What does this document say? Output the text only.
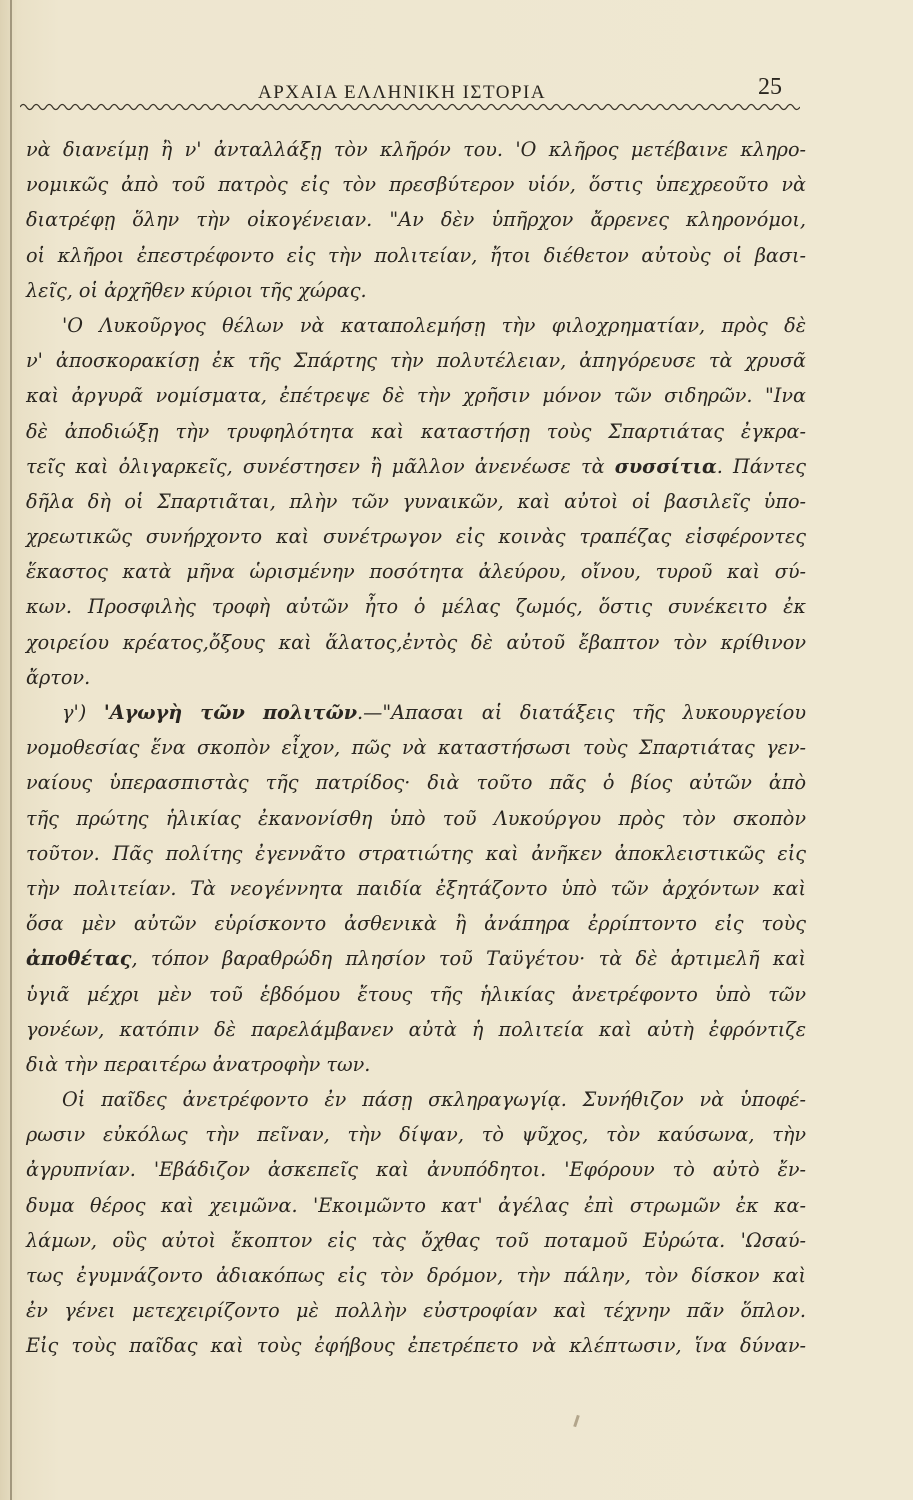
ΑΡΧΑΙΑ ΕΛΛΗΝΙΚΗ ΙΣΤΟΡΙΑ	25
νὰ διανείμῃ ἢ ν' ἀνταλλάξῃ τὸν κλῆρόν του. 'Ο κλῆρος μετέβαινε κληρο-
νομικῶς ἀπὸ τοῦ πατρὸς εἰς τὸν πρεσβύτερον υἱόν, ὅστις ὑπεχρεοῦτο νὰ
διατρέφῃ ὅλην τὴν οἰκογένειαν. "Αν δὲν ὑπῆρχον ἄρρενες κληρονόμοι,
οἱ κλῆροι ἐπεστρέφοντο εἰς τὴν πολιτείαν, ἤτοι διέθετον αὐτοὺς οἱ βασι-
λεῖς, οἱ ἀρχῆθεν κύριοι τῆς χώρας.
'Ο Λυκοῦργος θέλων νὰ καταπολεμήσῃ τὴν φιλοχρηματίαν, πρὸς δὲ
ν' ἀποσκορακίσῃ ἐκ τῆς Σπάρτης τὴν πολυτέλειαν, ἀπηγόρευσε τὰ χρυσᾶ
καὶ ἀργυρᾶ νομίσματα, ἐπέτρεψε δὲ τὴν χρῆσιν μόνον τῶν σιδηρῶν. "Ινα
δὲ ἀποδιώξῃ τὴν τρυφηλότητα καὶ καταστήσῃ τοὺς Σπαρτιάτας ἐγκρα-
τεῖς καὶ ὀλιγαρκεῖς, συνέστησεν ἢ μᾶλλον ἀνενέωσε τὰ συσσίτια. Πάντες
δῆλα δὴ οἱ Σπαρτιᾶται, πλὴν τῶν γυναικῶν, καὶ αὐτοὶ οἱ βασιλεῖς ὑπο-
χρεωτικῶς συνήρχοντο καὶ συνέτρωγον εἰς κοινὰς τραπέζας εἰσφέροντες
ἕκαστος κατὰ μῆνα ὡρισμένην ποσότητα ἀλεύρου, οἴνου, τυροῦ καὶ σύ-
κων. Προσφιλὴς τροφὴ αὐτῶν ἦτο ὁ μέλας ζωμός, ὅστις συνέκειτο ἐκ
χοιρείου κρέατος,ὄξους καὶ ἅλατος,ἐντὸς δὲ αὐτοῦ ἔβαπτον τὸν κρίθινον
ἄρτον.
γ') 'Αγωγὴ τῶν πολιτῶν.—"Απασαι αἱ διατάξεις τῆς λυκουργείου
νομοθεσίας ἕνα σκοπὸν εἶχον, πῶς νὰ καταστήσωσι τοὺς Σπαρτιάτας γεν-
ναίους ὑπερασπιστὰς τῆς πατρίδος· διὰ τοῦτο πᾶς ὁ βίος αὐτῶν ἀπὸ
τῆς πρώτης ἡλικίας ἐκανονίσθη ὑπὸ τοῦ Λυκούργου πρὸς τὸν σκοπὸν
τοῦτον. Πᾶς πολίτης ἐγεννᾶτο στρατιώτης καὶ ἀνῆκεν ἀποκλειστικῶς εἰς
τὴν πολιτείαν. Τὰ νεογέννητα παιδία ἐξητάζοντο ὑπὸ τῶν ἀρχόντων καὶ
ὅσα μὲν αὐτῶν εὑρίσκοντο ἀσθενικὰ ἢ ἀνάπηρα ἐρρίπτοντο εἰς τοὺς
ἀποθέτας, τόπον βαραθρώδη πλησίον τοῦ Ταϋγέτου· τὰ δὲ ἀρτιμελῆ καὶ
ὑγιᾶ μέχρι μὲν τοῦ ἑβδόμου ἔτους τῆς ἡλικίας ἀνετρέφοντο ὑπὸ τῶν
γονέων, κατόπιν δὲ παρελάμβανεν αὐτὰ ἡ πολιτεία καὶ αὐτὴ ἐφρόντιζε
διὰ τὴν περαιτέρω ἀνατροφὴν των.
Οἱ παῖδες ἀνετρέφοντο ἐν πάσῃ σκληραγωγίᾳ. Συνήθιζον νὰ ὑποφέ-
ρωσιν εὐκόλως τὴν πεῖναν, τὴν δίψαν, τὸ ψῦχος, τὸν καύσωνα, τὴν
ἀγρυπνίαν. 'Εβάδιζον ἀσκεπεῖς καὶ ἀνυπόδητοι. 'Εφόρουν τὸ αὐτὸ ἔν-
δυμα θέρος καὶ χειμῶνα. 'Εκοιμῶντο κατ' ἀγέλας ἐπὶ στρωμῶν ἐκ κα-
λάμων, οὓς αὐτοὶ ἔκοπτον εἰς τὰς ὄχθας τοῦ ποταμοῦ Εὐρώτα. 'Ωσαύ-
τως ἐγυμνάζοντο ἀδιακόπως εἰς τὸν δρόμον, τὴν πάλην, τὸν δίσκον καὶ
ἐν γένει μετεχειρίζοντο μὲ πολλὴν εὐστροφίαν καὶ τέχνην πᾶν ὅπλον.
Εἰς τοὺς παῖδας καὶ τοὺς ἐφήβους ἐπετρέπετο νὰ κλέπτωσιν, ἵνα δύναν-
